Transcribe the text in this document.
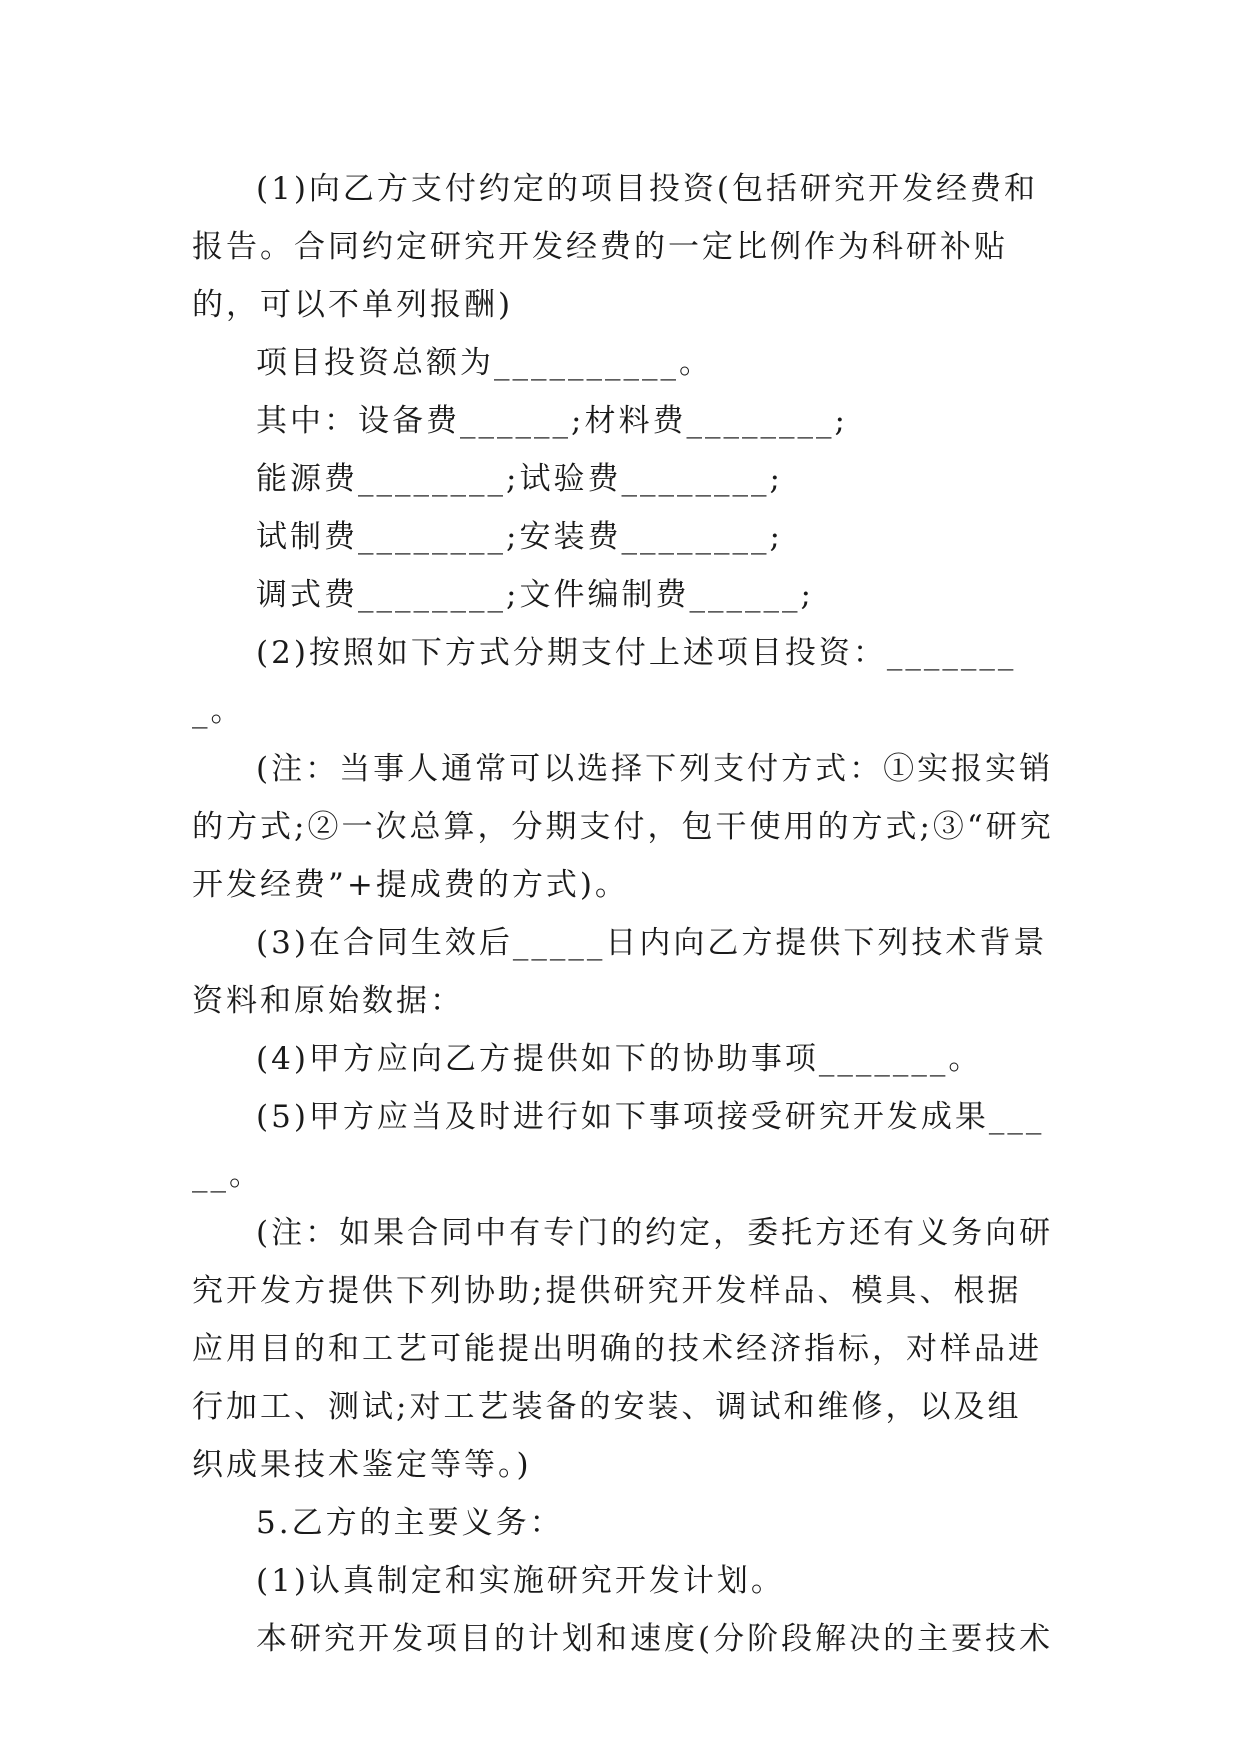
(1)向乙方支付约定的项目投资(包括研究开发经费和报告。合同约定研究开发经费的一定比例作为科研补贴的，可以不单列报酬)

项目投资总额为__________。

其中：设备费______;材料费________;

能源费________;试验费________;

试制费________;安装费________;

调式费________;文件编制费______;

(2)按照如下方式分期支付上述项目投资：________。

(注：当事人通常可以选择下列支付方式：①实报实销的方式;②一次总算，分期支付，包干使用的方式;③“研究开发经费”+提成费的方式)。

(3)在合同生效后_____日内向乙方提供下列技术背景资料和原始数据：

(4)甲方应向乙方提供如下的协助事项_______。

(5)甲方应当及时进行如下事项接受研究开发成果_____。

(注：如果合同中有专门的约定，委托方还有义务向研究开发方提供下列协助;提供研究开发样品、模具、根据应用目的和工艺可能提出明确的技术经济指标，对样品进行加工、测试;对工艺装备的安装、调试和维修，以及组织成果技术鉴定等等。)

5.乙方的主要义务：

(1)认真制定和实施研究开发计划。

本研究开发项目的计划和速度(分阶段解决的主要技术
